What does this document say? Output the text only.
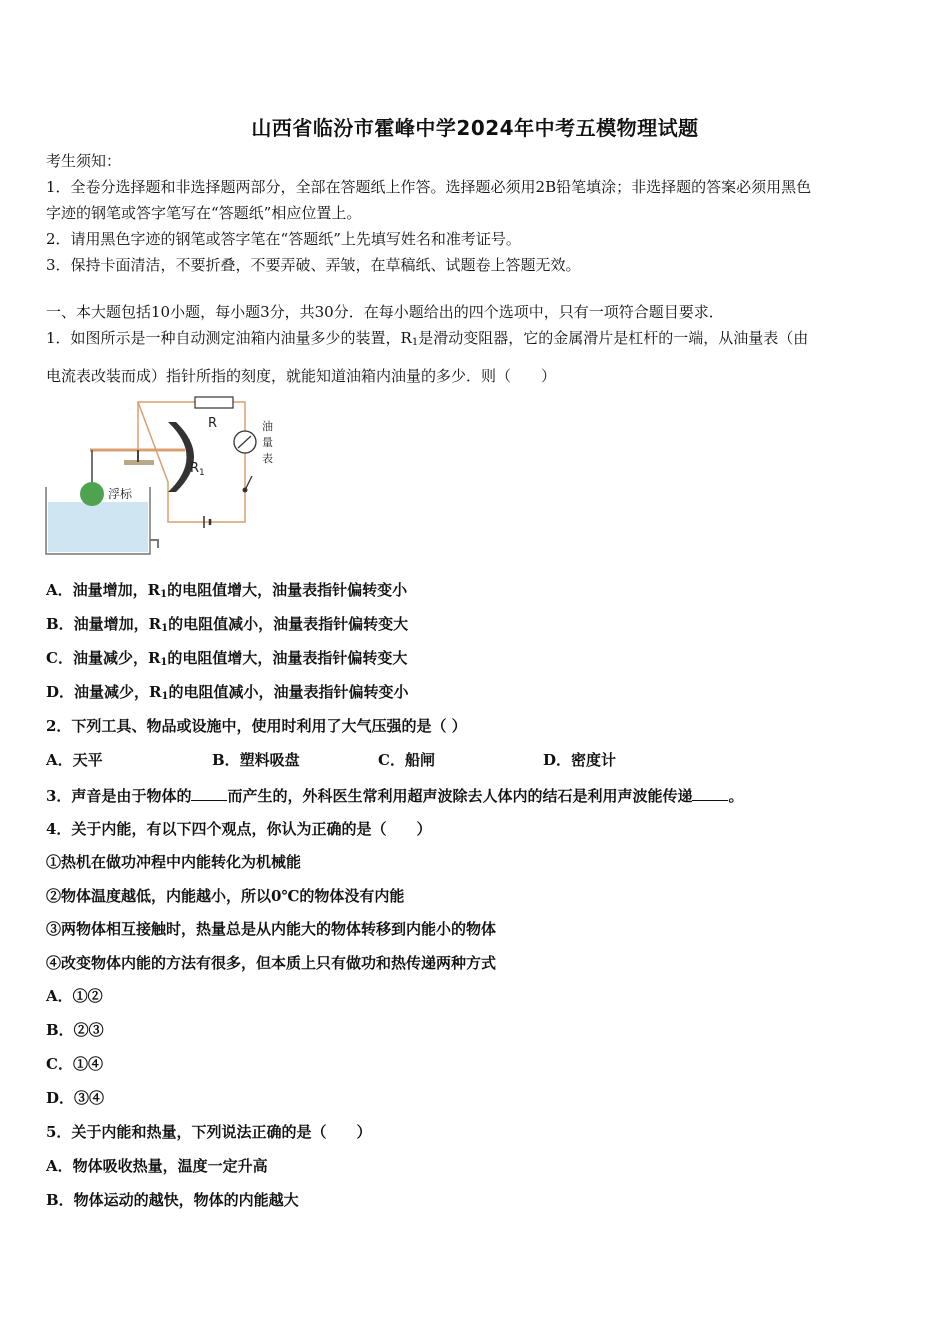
山西省临汾市霍峰中学2024年中考五模物理试题
考生须知：
1．全卷分选择题和非选择题两部分，全部在答题纸上作答。选择题必须用2B铅笔填涂；非选择题的答案必须用黑色
字迹的钢笔或答字笔写在“答题纸”相应位置上。
2．请用黑色字迹的钢笔或答字笔在“答题纸”上先填写姓名和准考证号。
3．保持卡面清洁，不要折叠，不要弄破、弄皱，在草稿纸、试题卷上答题无效。
一、本大题包括10小题，每小题3分，共30分．在每小题给出的四个选项中，只有一项符合题目要求．
1．如图所示是一种自动测定油箱内油量多少的装置，$R_1$是滑动变阻器，它的金属滑片是杠杆的一端，从油量表（由
电流表改装而成）指针所指的刻度，就能知道油箱内油量的多少．则（　　）
R	油
量
表
$R_1$
浮标
A．油量增加，$R_1$的电阻值增大，油量表指针偏转变小
B．油量增加，$R_1$的电阻值减小，油量表指针偏转变大
C．油量减少，$R_1$的电阻值增大，油量表指针偏转变大
D．油量减少，$R_1$的电阻值减小，油量表指针偏转变小
2．下列工具、物品或设施中，使用时利用了大气压强的是（ ）
A．天平	B．塑料吸盘	C．船闸	D．密度计
3．声音是由于物体的 而产生的，外科医生常利用超声波除去人体内的结石是利用声波能传递 。
4．关于内能，有以下四个观点，你认为正确的是（　　）
①热机在做功冲程中内能转化为机械能
②物体温度越低，内能越小，所以0℃的物体没有内能
③两物体相互接触时，热量总是从内能大的物体转移到内能小的物体
④改变物体内能的方法有很多，但本质上只有做功和热传递两种方式
A．①②
B．②③
C．①④
D．③④
5．关于内能和热量，下列说法正确的是（　　）
A．物体吸收热量，温度一定升高
B．物体运动的越快，物体的内能越大
